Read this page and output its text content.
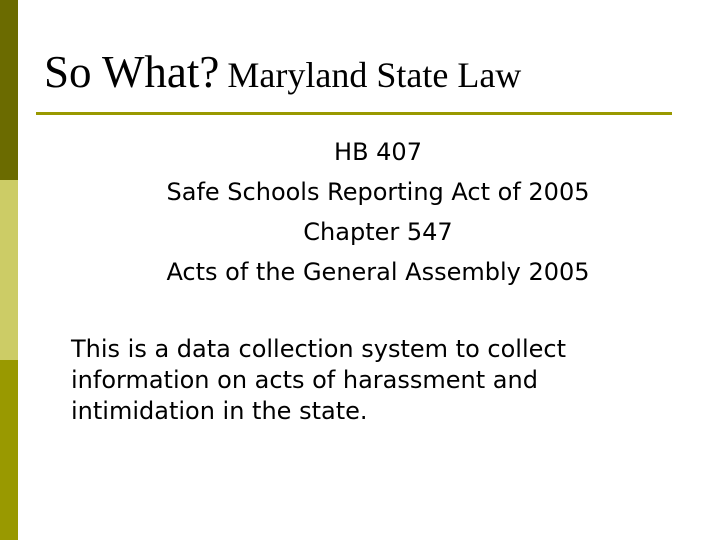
So What? Maryland State Law
HB 407
Safe Schools Reporting Act of 2005
Chapter 547
Acts of the General Assembly 2005

This is a data collection system to collect information on acts of harassment and intimidation in the state.
